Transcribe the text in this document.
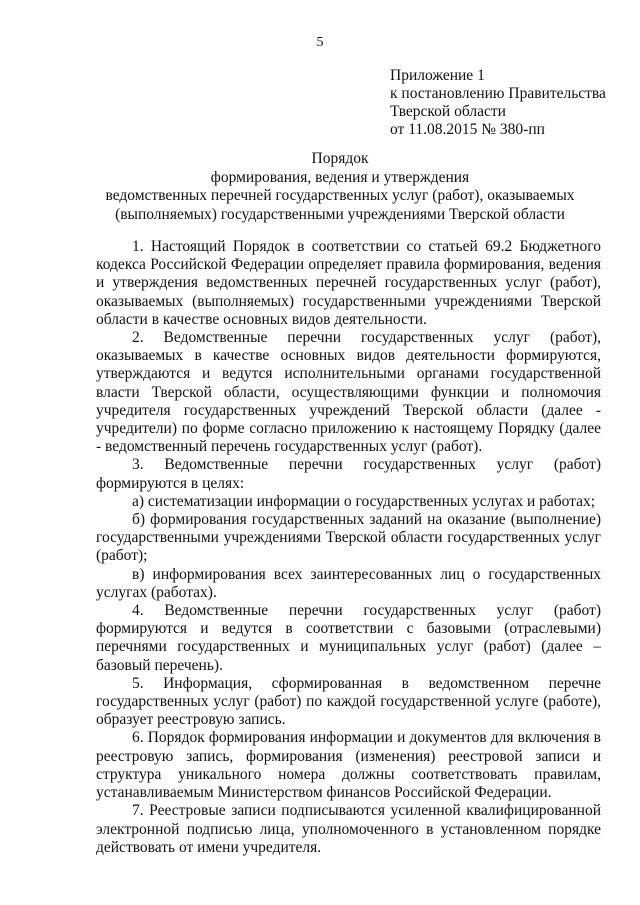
5
Приложение 1
к постановлению Правительства
Тверской области
от 11.08.2015 № 380-пп
Порядок
формирования, ведения и утверждения
ведомственных перечней государственных услуг (работ), оказываемых
(выполняемых) государственными учреждениями Тверской области

1. Настоящий Порядок в соответствии со статьей 69.2 Бюджетного кодекса Российской Федерации определяет правила формирования, ведения и утверждения ведомственных перечней государственных услуг (работ), оказываемых (выполняемых) государственными учреждениями Тверской области в качестве основных видов деятельности.

2. Ведомственные перечни государственных услуг (работ), оказываемых в качестве основных видов деятельности формируются, утверждаются и ведутся исполнительными органами государственной власти Тверской области, осуществляющими функции и полномочия учредителя государственных учреждений Тверской области (далее - учредители) по форме согласно приложению к настоящему Порядку (далее - ведомственный перечень государственных услуг (работ).

3. Ведомственные перечни государственных услуг (работ) формируются в целях:

а) систематизации информации о государственных услугах и работах;

б) формирования государственных заданий на оказание (выполнение) государственными учреждениями Тверской области государственных услуг (работ);

в) информирования всех заинтересованных лиц о государственных услугах (работах).

4. Ведомственные перечни государственных услуг (работ) формируются и ведутся в соответствии с базовыми (отраслевыми) перечнями государственных и муниципальных услуг (работ) (далее – базовый перечень).

5. Информация, сформированная в ведомственном перечне государственных услуг (работ) по каждой государственной услуге (работе), образует реестровую запись.

6. Порядок формирования информации и документов для включения в реестровую запись, формирования (изменения) реестровой записи и структура уникального номера должны соответствовать правилам, устанавливаемым Министерством финансов Российской Федерации.

7. Реестровые записи подписываются усиленной квалифицированной электронной подписью лица, уполномоченного в установленном порядке действовать от имени учредителя.
